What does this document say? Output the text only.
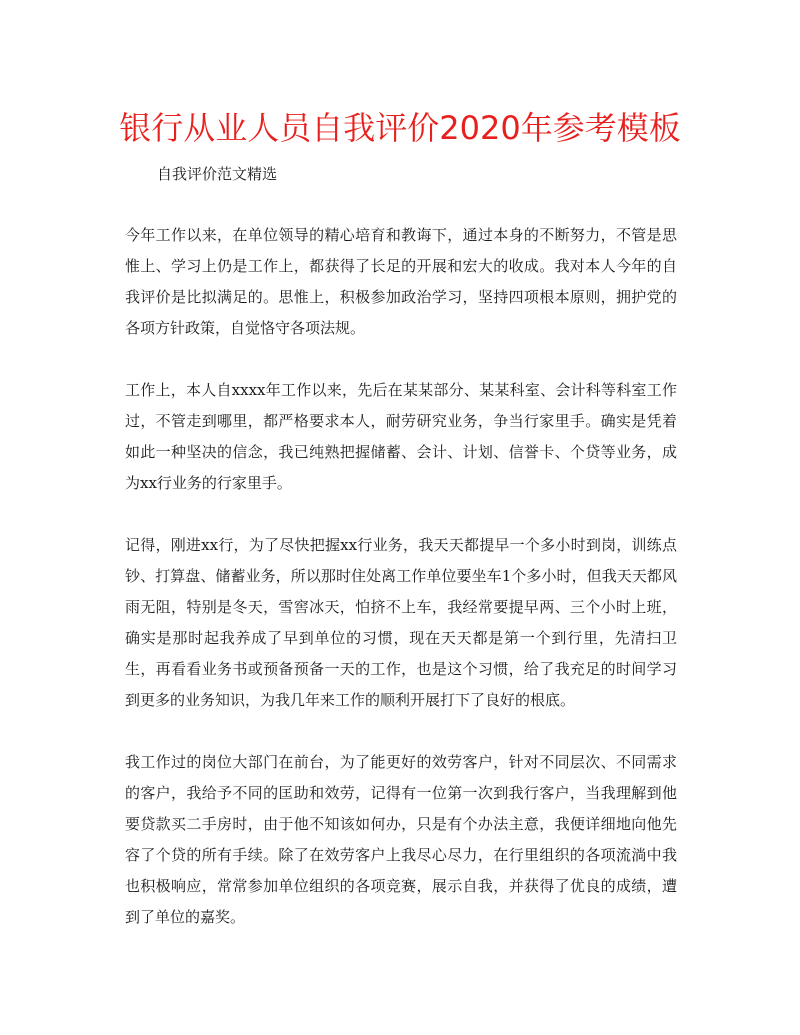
银行从业人员自我评价2020年参考模板

自我评价范文精选

今年工作以来，在单位领导的精心培育和教诲下，通过本身的不断努力，不管是思惟上、学习上仍是工作上，都获得了长足的开展和宏大的收成。我对本人今年的自我评价是比拟满足的。思惟上，积极参加政治学习，坚持四项根本原则，拥护党的各项方针政策，自觉恪守各项法规。

工作上，本人自xxxx年工作以来，先后在某某部分、某某科室、会计科等科室工作过，不管走到哪里，都严格要求本人，耐劳研究业务，争当行家里手。确实是凭着如此一种坚决的信念，我已纯熟把握储蓄、会计、计划、信誉卡、个贷等业务，成为xx行业务的行家里手。

记得，刚进xx行，为了尽快把握xx行业务，我天天都提早一个多小时到岗，训练点钞、打算盘、储蓄业务，所以那时住处离工作单位要坐车1个多小时，但我天天都风雨无阻，特别是冬天，雪窖冰天，怕挤不上车，我经常要提早两、三个小时上班，确实是那时起我养成了早到单位的习惯，现在天天都是第一个到行里，先清扫卫生，再看看业务书或预备预备一天的工作，也是这个习惯，给了我充足的时间学习到更多的业务知识，为我几年来工作的顺利开展打下了良好的根底。

我工作过的岗位大部门在前台，为了能更好的效劳客户，针对不同层次、不同需求的客户，我给予不同的匡助和效劳，记得有一位第一次到我行客户，当我理解到他要贷款买二手房时，由于他不知该如何办，只是有个办法主意，我便详细地向他先容了个贷的所有手续。除了在效劳客户上我尽心尽力，在行里组织的各项流淌中我也积极响应，常常参加单位组织的各项竞赛，展示自我，并获得了优良的成绩，遭到了单位的嘉奖。
